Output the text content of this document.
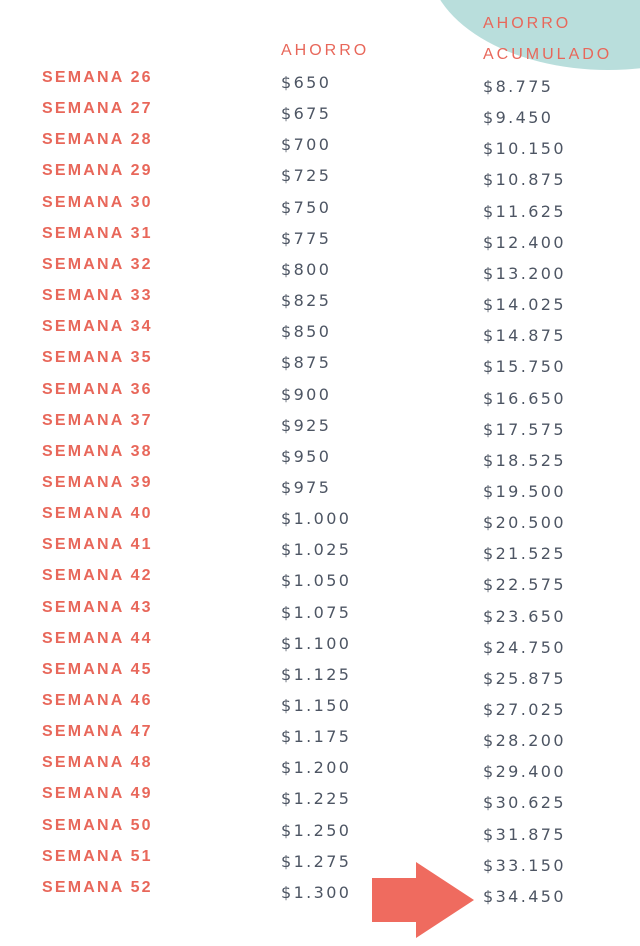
AHORRO
AHORRO
ACUMULADO
SEMANA 26	$650	$8.775
SEMANA 27	$675	$9.450
SEMANA 28	$700	$10.150
SEMANA 29	$725	$10.875
SEMANA 30	$750	$11.625
SEMANA 31	$775	$12.400
SEMANA 32	$800	$13.200
SEMANA 33	$825	$14.025
SEMANA 34	$850	$14.875
SEMANA 35	$875	$15.750
SEMANA 36	$900	$16.650
SEMANA 37	$925	$17.575
SEMANA 38	$950	$18.525
SEMANA 39	$975	$19.500
SEMANA 40	$1.000	$20.500
SEMANA 41	$1.025	$21.525
SEMANA 42	$1.050	$22.575
SEMANA 43	$1.075	$23.650
SEMANA 44	$1.100	$24.750
SEMANA 45	$1.125	$25.875
SEMANA 46	$1.150	$27.025
SEMANA 47	$1.175	$28.200
SEMANA 48	$1.200	$29.400
SEMANA 49	$1.225	$30.625
SEMANA 50	$1.250	$31.875
SEMANA 51	$1.275	$33.150
SEMANA 52	$1.300	$34.450
